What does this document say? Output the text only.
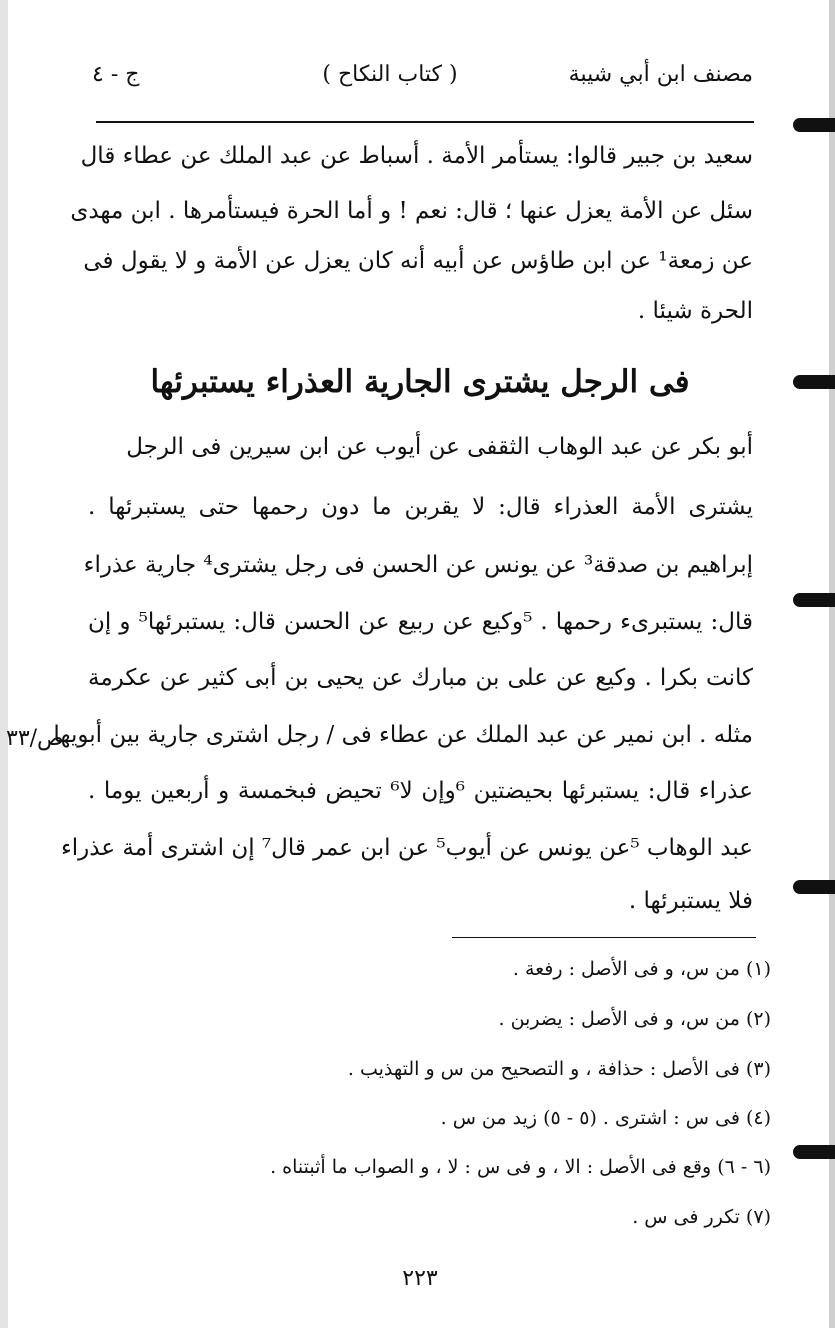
مصنف ابن أبي شيبة
( كتاب النكاح )
ج - ٤
سعيد بن جبير قالوا: يستأمر الأمة . أسباط عن عبد الملك عن عطاء قال
سئل عن الأمة يعزل عنها ؛ قال: نعم ! و أما الحرة فيستأمرها . ابن مهدى
عن زمعة¹ عن ابن طاؤس عن أبيه أنه كان يعزل عن الأمة و لا يقول فى
الحرة شيئا .
فى الرجل يشترى الجارية العذراء يستبرئها
أبو بكر عن عبد الوهاب الثقفى عن أيوب عن ابن سيرين فى الرجل
يشترى الأمة العذراء قال: لا يقربن ما دون رحمها حتى يستبرئها .
إبراهيم بن صدقة³ عن يونس عن الحسن فى رجل يشترى⁴ جارية عذراء
قال: يستبرىء رحمها . ⁵وكيع عن ربيع عن الحسن قال: يستبرئها⁵ و إن
كانت بكرا . وكيع عن على بن مبارك عن يحيى بن أبى كثير عن عكرمة
مثله . ابن نمير عن عبد الملك عن عطاء فى / رجل اشترى جارية بين أبويها
عذراء قال: يستبرئها بحيضتين ⁶وإن لا⁶ تحيض فبخمسة و أربعين يوما .
عبد الوهاب ⁵عن يونس عن أيوب⁵ عن ابن عمر قال⁷ إن اشترى أمة عذراء
فلا يستبرئها .
ص/٣٣
(١) من س، و فى الأصل : رفعة .
(٢) من س، و فى الأصل : يضربن .
(٣) فى الأصل : حذافة ، و التصحيح من س و التهذيب .
(٤) فى س : اشترى . (٥ - ٥) زيد من س .
(٦ - ٦) وقع فى الأصل : الا ، و فى س : لا ، و الصواب ما أثبتناه .
(٧) تكرر فى س .
٢٢٣
